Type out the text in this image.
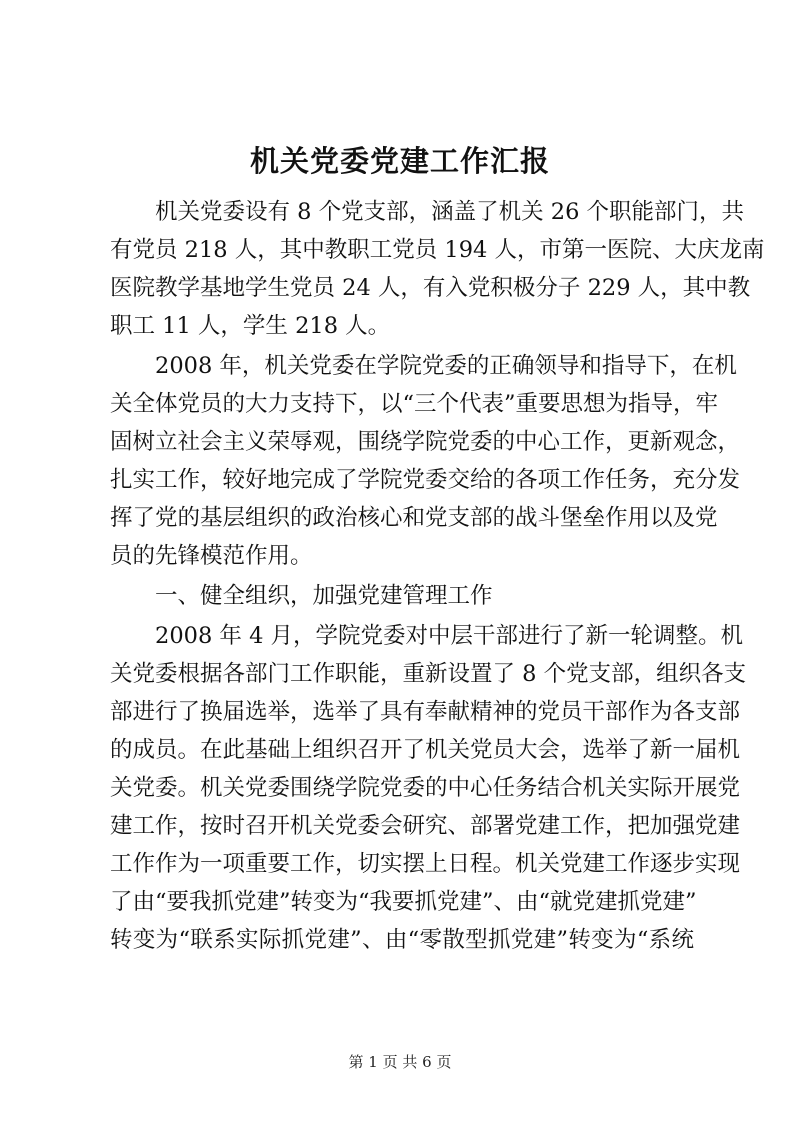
机关党委党建工作汇报
机关党委设有 8 个党支部，涵盖了机关 26 个职能部门，共
有党员 218 人，其中教职工党员 194 人，市第一医院、大庆龙南
医院教学基地学生党员 24 人，有入党积极分子 229 人，其中教
职工 11 人，学生 218 人。
2008 年，机关党委在学院党委的正确领导和指导下，在机
关全体党员的大力支持下，以“三个代表”重要思想为指导，牢
固树立社会主义荣辱观，围绕学院党委的中心工作，更新观念，
扎实工作，较好地完成了学院党委交给的各项工作任务，充分发
挥了党的基层组织的政治核心和党支部的战斗堡垒作用以及党
员的先锋模范作用。
一、健全组织，加强党建管理工作
2008 年 4 月，学院党委对中层干部进行了新一轮调整。机
关党委根据各部门工作职能，重新设置了 8 个党支部，组织各支
部进行了换届选举，选举了具有奉献精神的党员干部作为各支部
的成员。在此基础上组织召开了机关党员大会，选举了新一届机
关党委。机关党委围绕学院党委的中心任务结合机关实际开展党
建工作，按时召开机关党委会研究、部署党建工作，把加强党建
工作作为一项重要工作，切实摆上日程。机关党建工作逐步实现
了由“要我抓党建”转变为“我要抓党建”、由“就党建抓党建”
转变为“联系实际抓党建”、由“零散型抓党建”转变为“系统
第 1 页 共 6 页
